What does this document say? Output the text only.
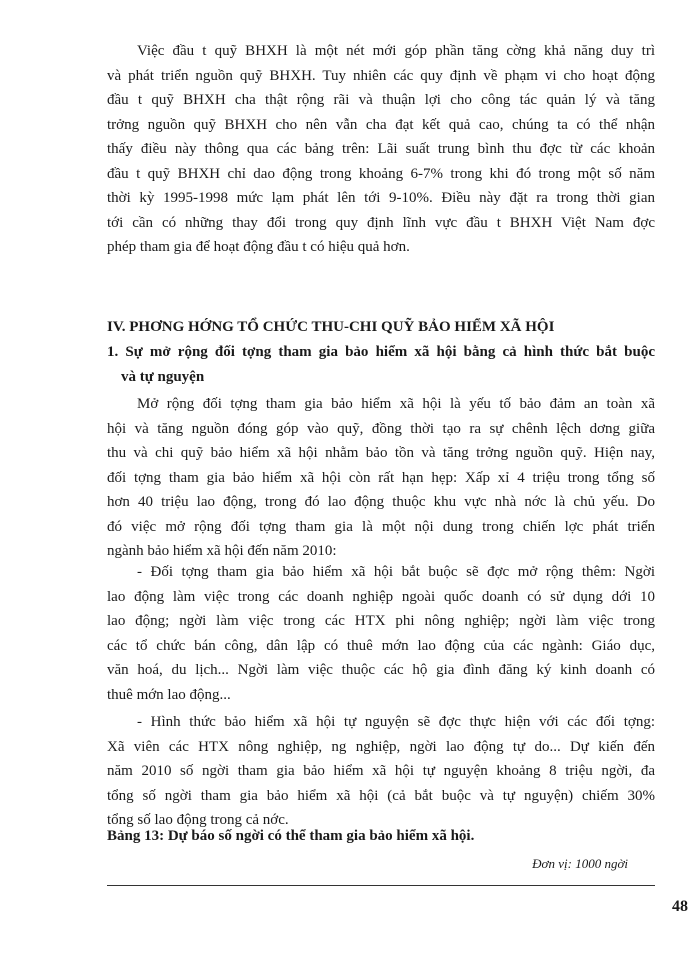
Việc đầu t quỹ BHXH là một nét mới góp phần tăng cờng khả năng duy trì
và phát triển nguồn quỹ BHXH. Tuy nhiên các quy định về phạm vi cho hoạt động
đầu t quỹ BHXH cha thật rộng rãi và thuận lợi cho công tác quản lý và tăng
trởng nguồn quỹ BHXH cho nên vẫn cha đạt kết quả cao, chúng ta có thể nhận
thấy điều này thông qua các bảng trên: Lãi suất trung bình thu đợc từ các khoản
đầu t quỹ BHXH chỉ dao động trong khoảng 6-7% trong khi đó trong một số năm
thời kỳ 1995-1998 mức lạm phát lên tới 9-10%. Điều này đặt ra trong thời gian
tới cần có những thay đổi trong quy định lĩnh vực đầu t BHXH Việt Nam đợc
phép tham gia để hoạt động đầu t có hiệu quả hơn.
IV. PHƠNG HỚNG TỔ CHỨC THU-CHI QUỸ BẢO HIỂM XÃ HỘI
1. Sự mở rộng đối tợng tham gia bảo hiểm xã hội bằng cả hình thức bắt buộc
và tự nguyện
Mở rộng đối tợng tham gia bảo hiểm xã hội là yếu tố bảo đảm an toàn xã
hội và tăng nguồn đóng góp vào quỹ, đồng thời tạo ra sự chênh lệch dơng giữa
thu và chi quỹ bảo hiểm xã hội nhằm bảo tồn và tăng trởng nguồn quỹ. Hiện nay,
đối tợng tham gia bảo hiểm xã hội còn rất hạn hẹp: Xấp xỉ 4 triệu trong tổng số
hơn 40 triệu lao động, trong đó lao động thuộc khu vực nhà nớc là chủ yếu. Do
đó việc mở rộng đối tợng tham gia là một nội dung trong chiến lợc phát triển
ngành bảo hiểm xã hội đến năm 2010:
- Đối tợng tham gia bảo hiểm xã hội bắt buộc sẽ đợc mở rộng thêm: Ngời
lao động làm việc trong các doanh nghiệp ngoài quốc doanh có sử dụng dới 10
lao động; ngời làm việc trong các HTX phi nông nghiệp; ngời làm việc trong
các tổ chức bán công, dân lập có thuê mớn lao động của các ngành: Giáo dục,
văn hoá, du lịch... Ngời làm việc thuộc các hộ gia đình đăng ký kinh doanh có
thuê mớn lao động...
- Hình thức bảo hiểm xã hội tự nguyện sẽ đợc thực hiện với các đối tợng:
Xã viên các HTX nông nghiệp, ng nghiệp, ngời lao động tự do... Dự kiến đến
năm 2010 số ngời tham gia bảo hiểm xã hội tự nguyện khoảng 8 triệu ngời, đa
tổng số ngời tham gia bảo hiểm xã hội (cả bắt buộc và tự nguyện) chiếm 30%
tổng số lao động trong cả nớc.
Bảng 13: Dự báo số ngời có thể tham gia bảo hiểm xã hội.
Đơn vị: 1000 ngời
48
